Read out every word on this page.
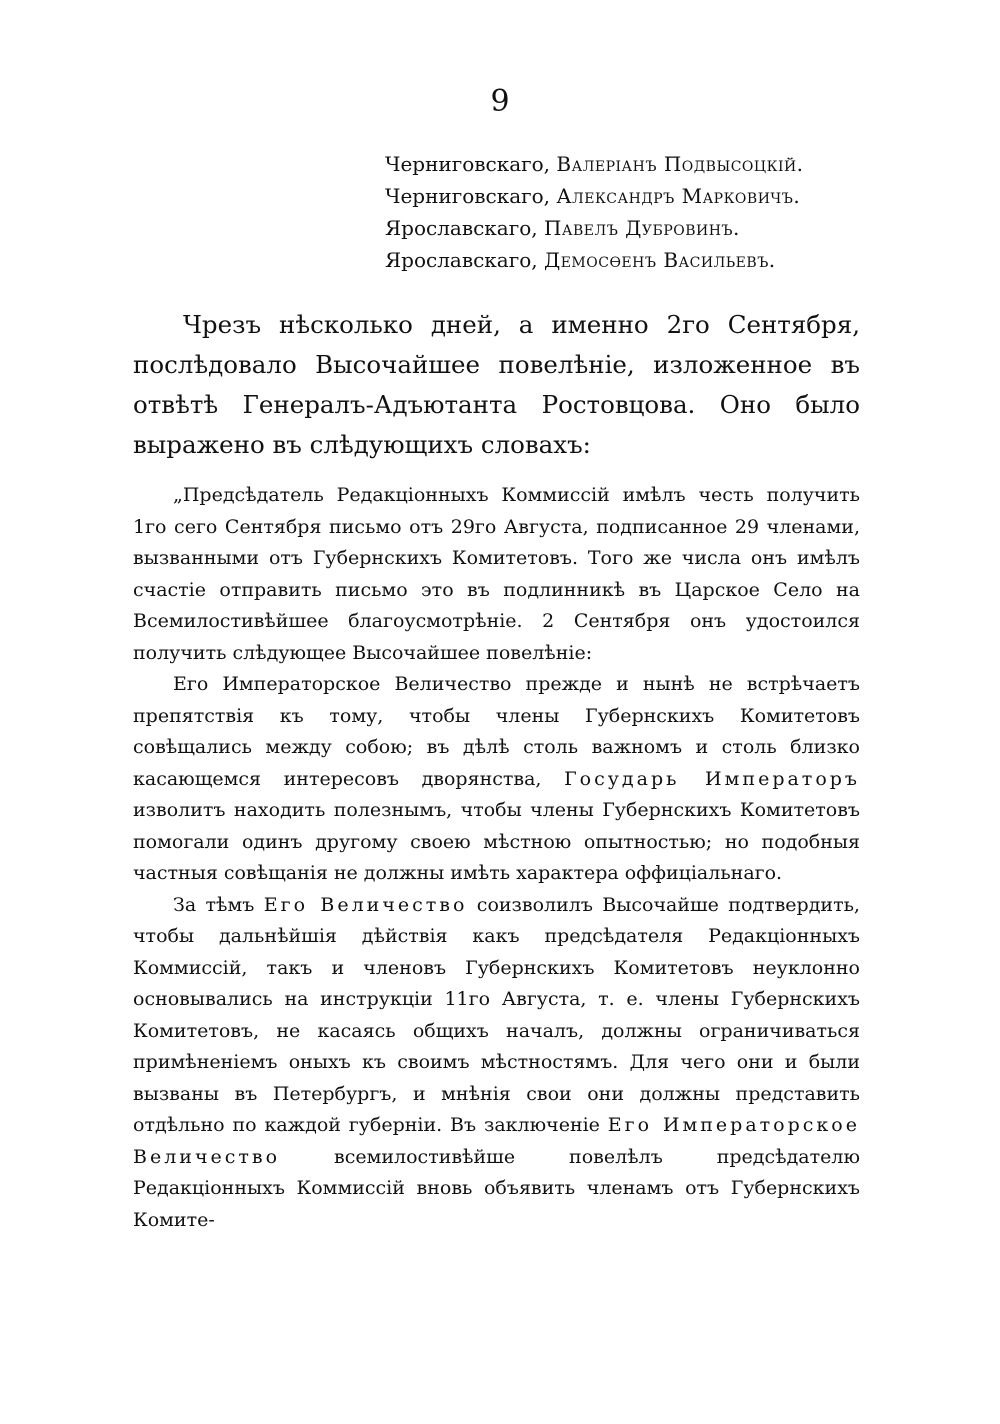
9
Черниговскаго, Валеріанъ Подвысоцкій.
Черниговскаго, Александръ Марковичъ.
Ярославскаго, Павелъ Дубровинъ.
Ярославскаго, Демосѳенъ Васильевъ.

Чрезъ нѣсколько дней, а именно 2го Сентября, послѣдовало Высочайшее повелѣніе, изложенное въ отвѣтѣ Генералъ-Адъютанта Ростовцова. Оно было выражено въ слѣдующихъ словахъ:

„Предсѣдатель Редакціонныхъ Коммиссій имѣлъ честь получить 1го сего Сентября письмо отъ 29го Августа, подписанное 29 членами, вызванными отъ Губернскихъ Комитетовъ. Того же числа онъ имѣлъ счастіе отправить письмо это въ подлинникѣ въ Царское Село на Всемилостивѣйшее благоусмотрѣніе. 2 Сентября онъ удостоился получить слѣдующее Высочайшее повелѣніе:

Его Императорское Величество прежде и нынѣ не встрѣчаетъ препятствія къ тому, чтобы члены Губернскихъ Комитетовъ совѣщались между собою; въ дѣлѣ столь важномъ и столь близко касающемся интересовъ дворянства, Государь Императоръ изволитъ находить полезнымъ, чтобы члены Губернскихъ Комитетовъ помогали одинъ другому своею мѣстною опытностью; но подобныя частныя совѣщанія не должны имѣть характера оффиціальнаго.

За тѣмъ Его Величество соизволилъ Высочайше подтвердить, чтобы дальнѣйшія дѣйствія какъ предсѣдателя Редакціонныхъ Коммиссій, такъ и членовъ Губернскихъ Комитетовъ неуклонно основывались на инструкціи 11го Августа, т. е. члены Губернскихъ Комитетовъ, не касаясь общихъ началъ, должны ограничиваться примѣненіемъ оныхъ къ своимъ мѣстностямъ. Для чего они и были вызваны въ Петербургъ, и мнѣнія свои они должны представить отдѣльно по каждой губерніи. Въ заключеніе Его Императорское Величество	всемилостивѣйше повелѣлъ предсѣдателю Редакціонныхъ Коммиссій вновь объявить членамъ отъ Губернскихъ Комите-
